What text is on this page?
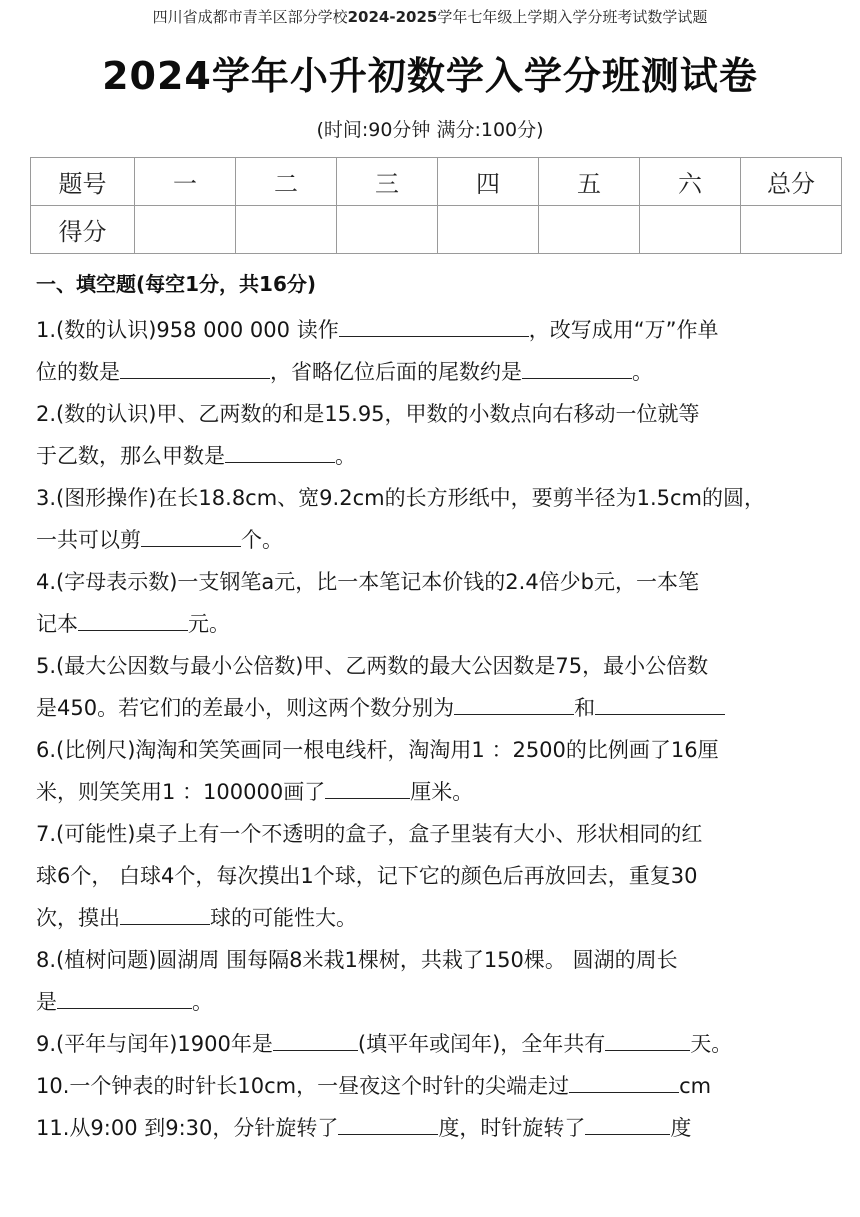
四川省成都市青羊区部分学校2024-2025学年七年级上学期入学分班考试数学试题
2024学年小升初数学入学分班测试卷
(时间:90分钟 满分:100分)
题号	一	二	三	四	五	六	总分
得分							
一、填空题(每空1分，共16分)
1.(数的认识)958 000 000 读作	，改写成用“万”作单
位的数是	，省略亿位后面的尾数约是	。
2.(数的认识)甲、乙两数的和是15.95，甲数的小数点向右移动一位就等
于乙数，那么甲数是	。
3.(图形操作)在长18.8cm、宽9.2cm的长方形纸中，要剪半径为1.5cm的圆，
一共可以剪	个。
4.(字母表示数)一支钢笔a元，比一本笔记本价钱的2.4倍少b元，一本笔
记本	元。
5.(最大公因数与最小公倍数)甲、乙两数的最大公因数是75，最小公倍数
是450。若它们的差最小，则这两个数分别为	和
6.(比例尺)淘淘和笑笑画同一根电线杆，淘淘用1 ：2500的比例画了16厘
米，则笑笑用1 ：100000画了	厘米。
7.(可能性)桌子上有一个不透明的盒子，盒子里装有大小、形状相同的红
球6个， 白球4个，每次摸出1个球，记下它的颜色后再放回去，重复30
次，摸出	球的可能性大。
8.(植树问题)圆湖周 围每隔8米栽1棵树，共栽了150棵。 圆湖的周长
是	。
9.(平年与闰年)1900年是	(填平年或闰年)，全年共有	天。
10.一个钟表的时针长10cm，一昼夜这个时针的尖端走过	cm
11.从9:00 到9:30，分针旋转了	度，时针旋转了	度
